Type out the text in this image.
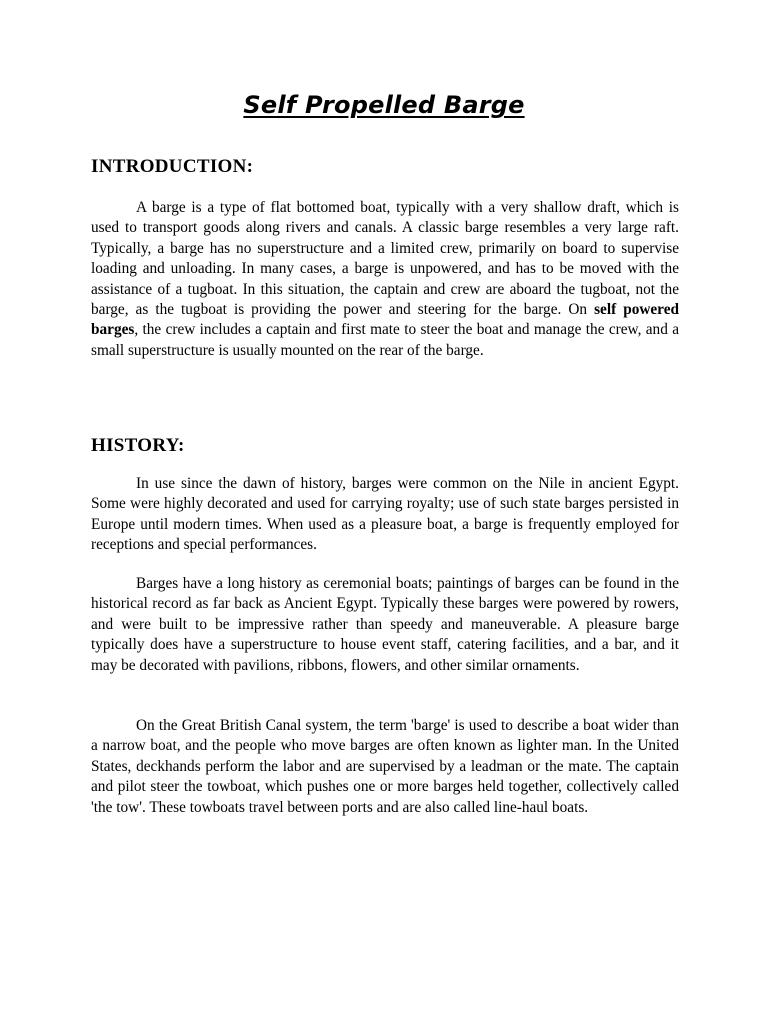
Self Propelled Barge
INTRODUCTION:

A barge is a type of flat bottomed boat, typically with a very shallow draft, which is used to transport goods along rivers and canals. A classic barge resembles a very large raft. Typically, a barge has no superstructure and a limited crew, primarily on board to supervise loading and unloading. In many cases, a barge is unpowered, and has to be moved with the assistance of a tugboat. In this situation, the captain and crew are aboard the tugboat, not the barge, as the tugboat is providing the power and steering for the barge. On self powered barges, the crew includes a captain and first mate to steer the boat and manage the crew, and a small superstructure is usually mounted on the rear of the barge.

HISTORY:

In use since the dawn of history, barges were common on the Nile in ancient Egypt. Some were highly decorated and used for carrying royalty; use of such state barges persisted in Europe until modern times. When used as a pleasure boat, a barge is frequently employed for receptions and special performances.

Barges have a long history as ceremonial boats; paintings of barges can be found in the historical record as far back as Ancient Egypt. Typically these barges were powered by rowers, and were built to be impressive rather than speedy and maneuverable. A pleasure barge typically does have a superstructure to house event staff, catering facilities, and a bar, and it may be decorated with pavilions, ribbons, flowers, and other similar ornaments.

On the Great British Canal system, the term 'barge' is used to describe a boat wider than a narrow boat, and the people who move barges are often known as lighter man. In the United States, deckhands perform the labor and are supervised by a leadman or the mate. The captain and pilot steer the towboat, which pushes one or more barges held together, collectively called 'the tow'. These towboats travel between ports and are also called line-haul boats.
